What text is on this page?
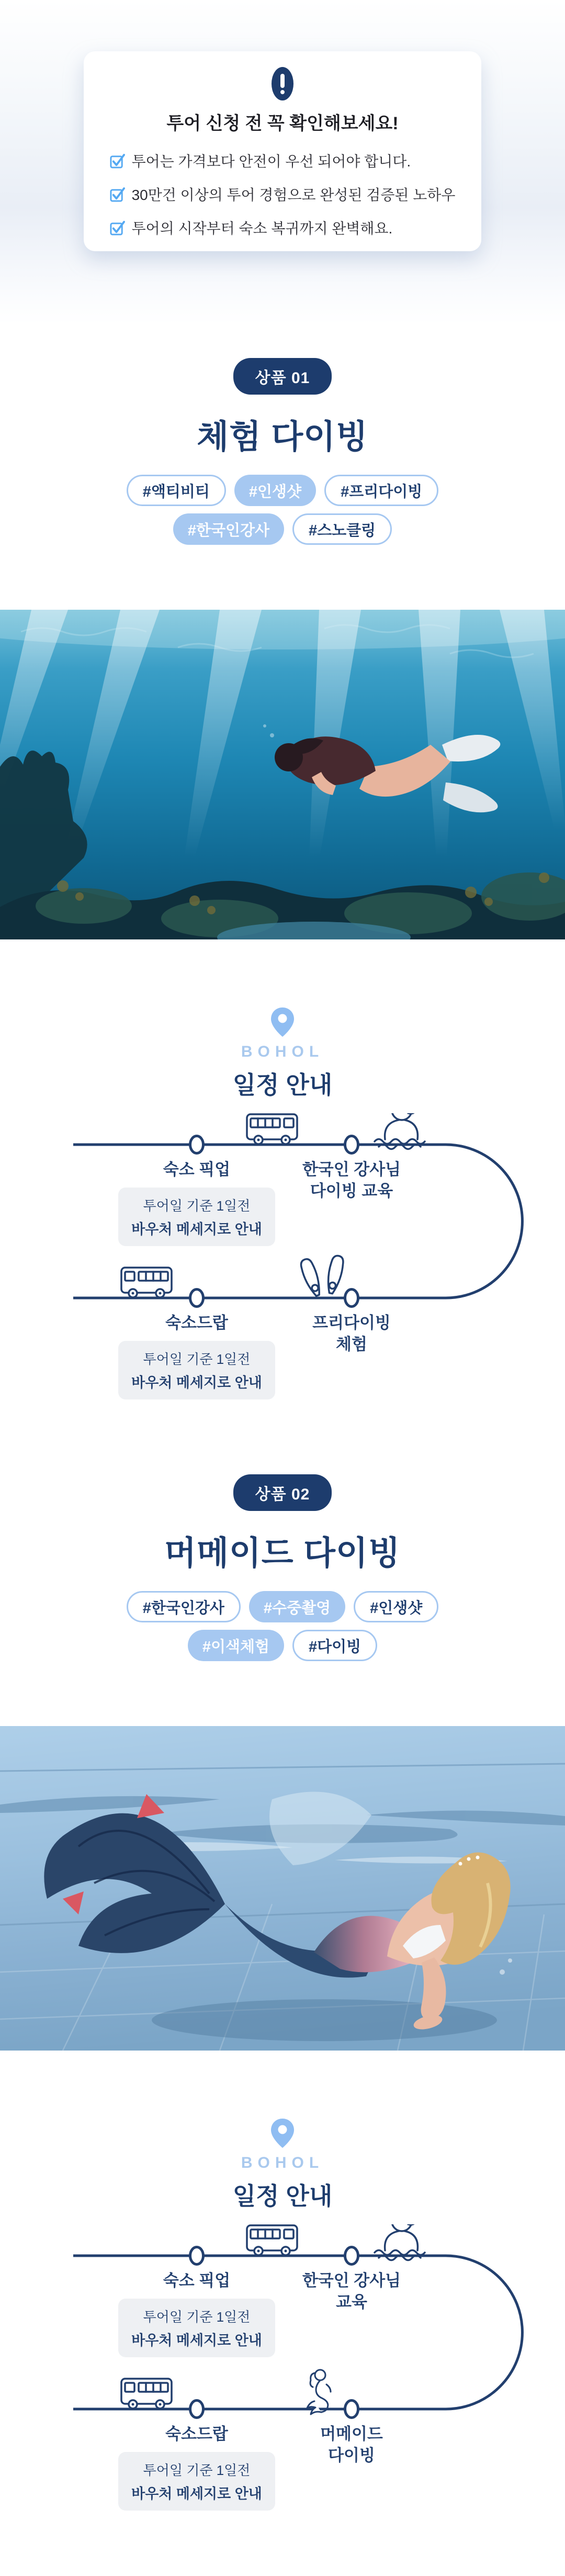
투어 신청 전 꼭 확인해보세요!
투어는 가격보다 안전이 우선 되어야 합니다.
30만건 이상의 투어 경험으로 완성된 검증된 노하우
투어의 시작부터 숙소 복귀까지 완벽해요.
상품 01
체험 다이빙
#액티비티	#인생샷	#프리다이빙
#한국인강사	#스노클링
BOHOL
일정 안내
숙소 픽업	한국인 강사님
다이빙 교육
투어일 기준 1일전
바우처 메세지로 안내
숙소드랍	프리다이빙
체험
투어일 기준 1일전
바우처 메세지로 안내
상품 02
머메이드 다이빙
#한국인강사	#수중촬영	#인생샷
#이색체험	#다이빙
BOHOL
일정 안내
숙소 픽업	한국인 강사님
교육
투어일 기준 1일전
바우처 메세지로 안내
숙소드랍	머메이드
다이빙
투어일 기준 1일전
바우처 메세지로 안내
